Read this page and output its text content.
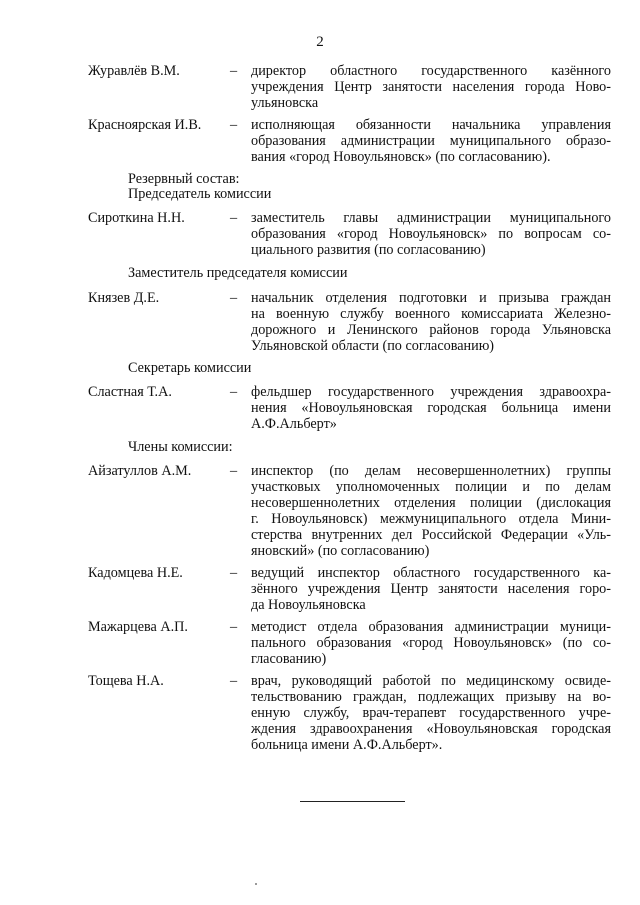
2
Журавлёв В.М.	– директор областного государственного казённого
учреждения Центр занятости населения города Ново-
ульяновска
Красноярская И.В. – исполняющая обязанности начальника управления
образования администрации муниципального образо-
вания «город Новоульяновск» (по согласованию).
Резервный состав:
Председатель комиссии
Сироткина Н.Н.	– заместитель главы администрации муниципального
образования «город Новоульяновск» по вопросам со-
циального развития (по согласованию)
Заместитель председателя комиссии
Князев Д.Е.	– начальник отделения подготовки и призыва граждан
на военную службу военного комиссариата Железно-
дорожного и Ленинского районов города Ульяновска
Ульяновской области (по согласованию)
Секретарь комиссии
Сластная Т.А.	– фельдшер государственного учреждения здравоохра-
нения «Новоульяновская городская больница имени
А.Ф.Альберт»
Члены комиссии:
Айзатуллов А.М.	– инспектор (по делам несовершеннолетних) группы
участковых уполномоченных полиции и по делам
несовершеннолетних отделения полиции (дислокация
г. Новоульяновск) межмуниципального отдела Мини-
стерства внутренних дел Российской Федерации «Уль-
яновский» (по согласованию)
Кадомцева Н.Е.	– ведущий инспектор областного государственного ка-
зённого учреждения Центр занятости населения горо-
да Новоульяновска
Мажарцева А.П.	– методист отдела образования администрации муници-
пального образования «город Новоульяновск» (по со-
гласованию)
Тощева Н.А.	– врач, руководящий работой по медицинскому освиде-
тельствованию граждан, подлежащих призыву на во-
енную службу, врач-терапевт государственного учре-
ждения здравоохранения «Новоульяновская городская
больница имени А.Ф.Альберт».
